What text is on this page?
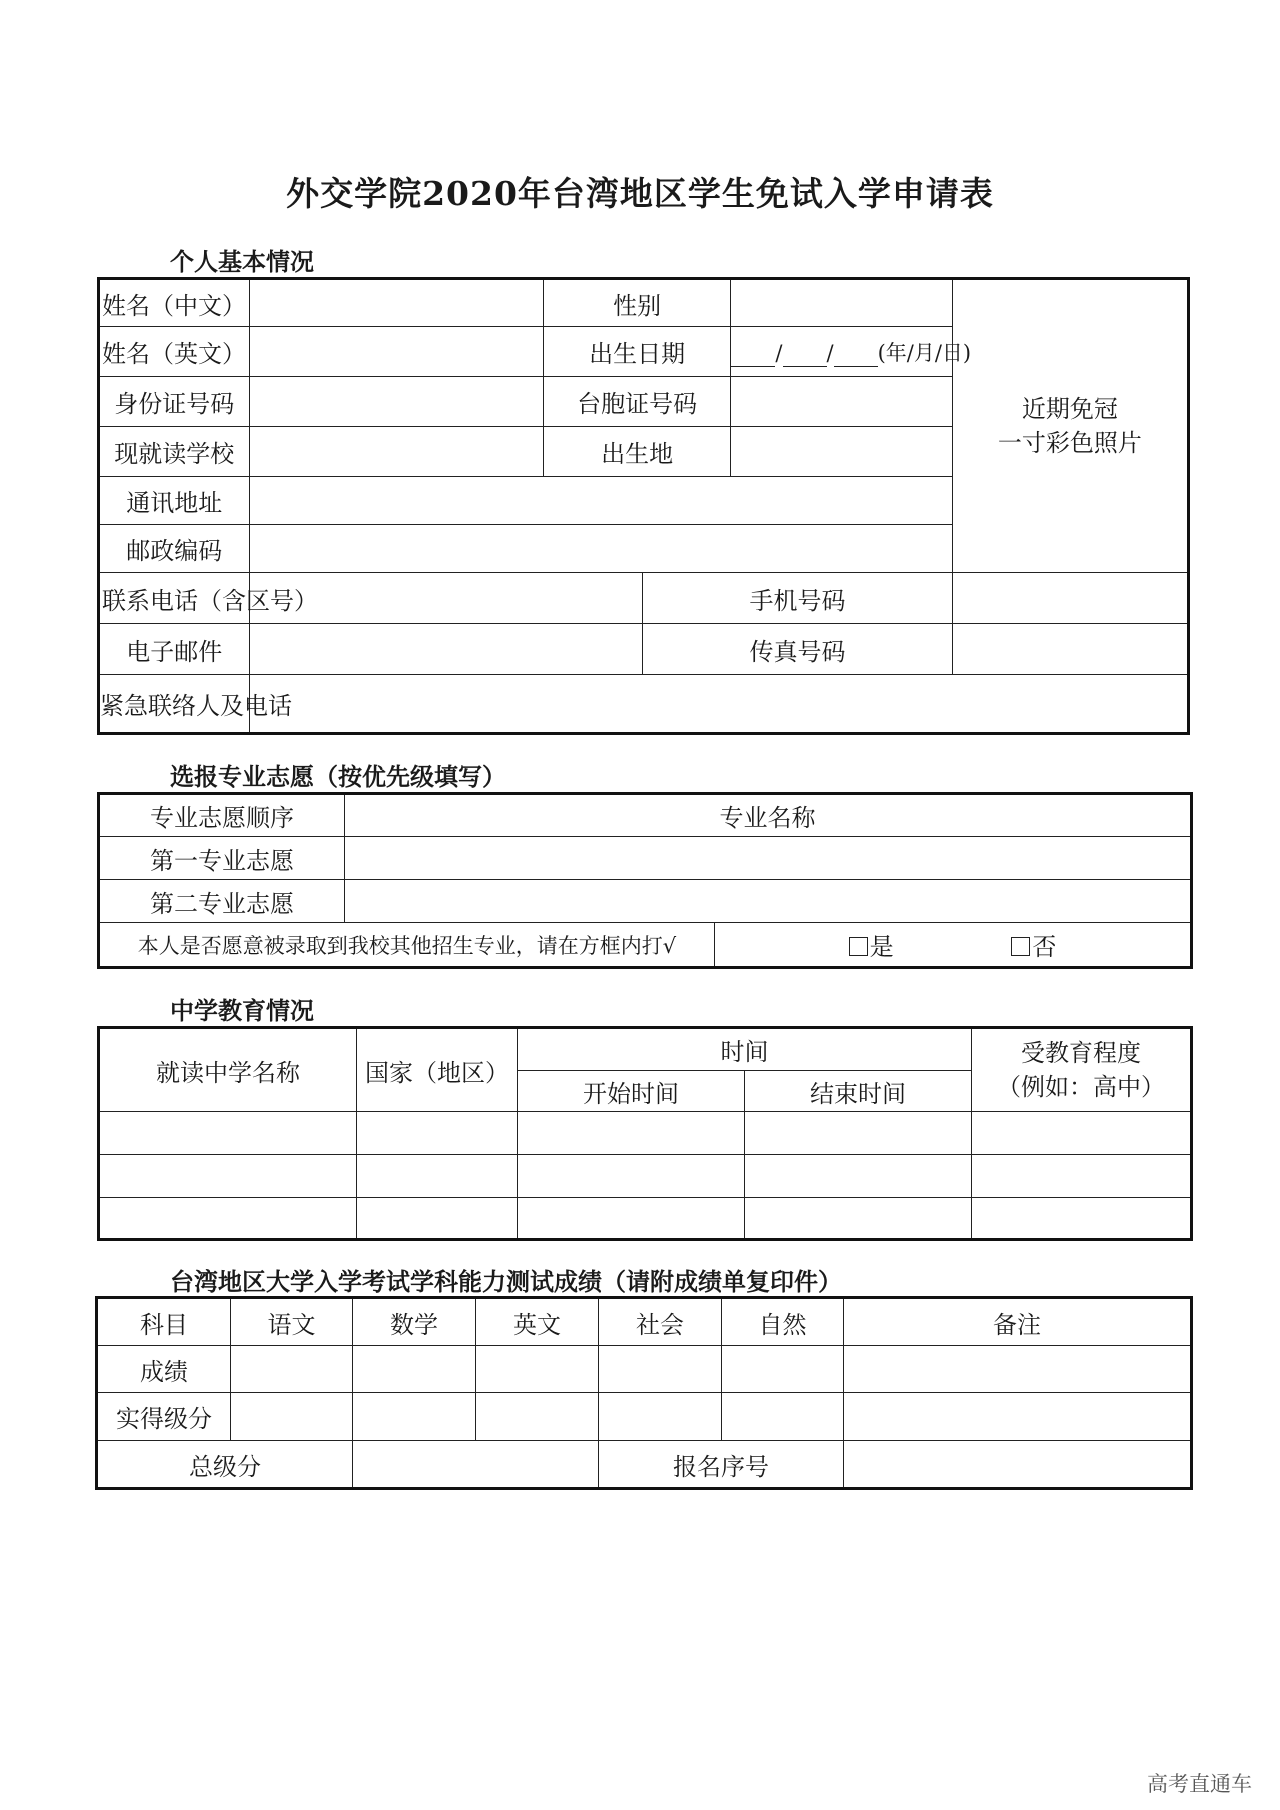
外交学院2020年台湾地区学生免试入学申请表
个人基本情况
姓名（中文）		性别			近期免冠
一寸彩色照片
姓名（英文）		出生日期		/ / (年/月/日)	
身份证号码		台胞证号码			
现就读学校		出生地			
通讯地址					
邮政编码					
联系电话（含区号）			手机号码		
电子邮件			传真号码		
紧急联络人及电话					
选报专业志愿（按优先级填写）
专业志愿顺序	专业名称	
第一专业志愿		
第二专业志愿		
本人是否愿意被录取到我校其他招生专业，请在方框内打√		是 否
中学教育情况
就读中学名称	国家（地区）	时间		受教育程度
（例如：高中）
		开始时间	结束时间	

台湾地区大学入学考试学科能力测试成绩（请附成绩单复印件）
科目	语文	数学	英文	社会	自然	备注
成绩						
实得级分						
总级分				报名序号		
高考直通车
